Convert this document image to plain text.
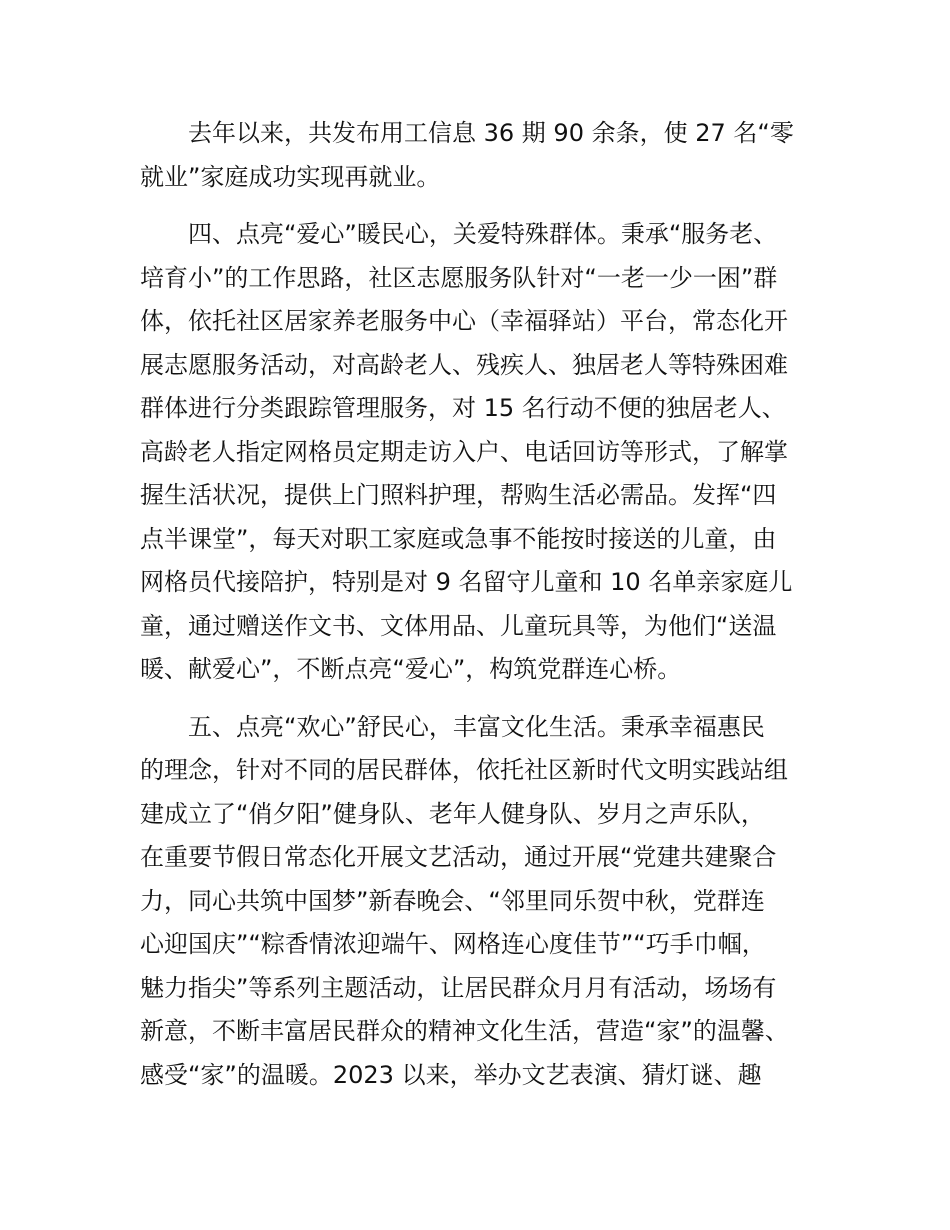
去年以来，共发布用工信息 36 期 90 余条，使 27 名“零
就业”家庭成功实现再就业。
四、点亮“爱心”暖民心，关爱特殊群体。秉承“服务老、
培育小”的工作思路，社区志愿服务队针对“一老一少一困”群
体，依托社区居家养老服务中心（幸福驿站）平台，常态化开
展志愿服务活动，对高龄老人、残疾人、独居老人等特殊困难
群体进行分类跟踪管理服务，对 15 名行动不便的独居老人、
高龄老人指定网格员定期走访入户、电话回访等形式，了解掌
握生活状况，提供上门照料护理，帮购生活必需品。发挥“四
点半课堂”，每天对职工家庭或急事不能按时接送的儿童，由
网格员代接陪护，特别是对 9 名留守儿童和 10 名单亲家庭儿
童，通过赠送作文书、文体用品、儿童玩具等，为他们“送温
暖、献爱心”，不断点亮“爱心”，构筑党群连心桥。
五、点亮“欢心”舒民心，丰富文化生活。秉承幸福惠民
的理念，针对不同的居民群体，依托社区新时代文明实践站组
建成立了“俏夕阳”健身队、老年人健身队、岁月之声乐队，
在重要节假日常态化开展文艺活动，通过开展“党建共建聚合
力，同心共筑中国梦”新春晚会、“邻里同乐贺中秋，党群连
心迎国庆”“粽香情浓迎端午、网格连心度佳节”“巧手巾帼，
魅力指尖”等系列主题活动，让居民群众月月有活动，场场有
新意，不断丰富居民群众的精神文化生活，营造“家”的温馨、
感受“家”的温暖。2023 以来，举办文艺表演、猜灯谜、趣
